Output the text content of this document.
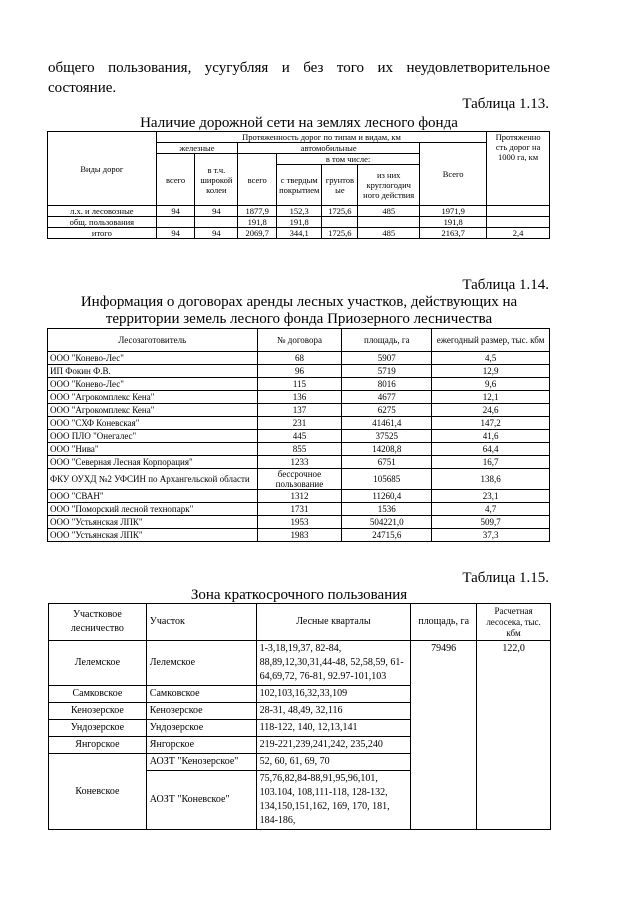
общего пользования, усугубляя и без того их неудовлетворительное
состояние.
Таблица 1.13.
Наличие дорожной сети на землях лесного фонда
Виды дорог	Протяженность дорог по типам и видам, км							Протяженно сть дорог на 1000 га, км
	железные		автомобильные				Всего	
	всего	в т.ч. широкой колеи	всего	в том числе:				
				с твердым покрытием	грунтов ые	из них круглогодич ного действия		
л.х. и лесовозные	94	94	1877,9	152,3	1725,6	485	1971,9	
общ. пользования			191,8	191,8			191,8	
итого	94	94	2069,7	344,1	1725,6	485	2163,7	2,4
Таблица 1.14.
Информация о договорах аренды лесных участков, действующих на
территории земель лесного фонда Приозерного лесничества
Лесозаготовитель	№ договора	площадь, га	ежегодный размер, тыс. кбм
ООО "Конево-Лес"	68	5907	4,5
ИП Фокин Ф.В.	96	5719	12,9
ООО "Конево-Лес"	115	8016	9,6
ООО "Агрокомплекс Кена"	136	4677	12,1
ООО "Агрокомплекс Кена"	137	6275	24,6
ООО "СХФ Коневская"	231	41461,4	147,2
ООО ПЛО "Онегалес"	445	37525	41,6
ООО "Нива"	855	14208,8	64,4
ООО "Северная Лесная Корпорация"	1233	6751	16,7
ФКУ ОУХД №2 УФСИН по Архангельской области	бессрочное пользование	105685	138,6
ООО "СВАН"	1312	11260,4	23,1
ООО "Поморский лесной технопарк"	1731	1536	4,7
ООО "Устьянская ЛПК"	1953	504221,0	509,7
ООО "Устьянская ЛПК"	1983	24715,6	37,3
Таблица 1.15.
Зона краткосрочного пользования
Участковое лесничество	Участок	Лесные кварталы	площадь, га	Расчетная лесосека, тыс. кбм
Лелемское	Лелемское	1-3,18,19,37, 82-84, 88,89,12,30,31,44-48, 52,58,59, 61-64,69,72, 76-81, 92.97-101,103	79496	122,0
Самковское	Самковское	102,103,16,32,33,109		
Кенозерское	Кенозерское	28-31, 48,49, 32,116		
Ундозерское	Ундозерское	118-122, 140, 12,13,141		
Янгорское	Янгорское	219-221,239,241,242, 235,240		
Коневское	АОЗТ "Кенозерское"	52, 60, 61, 69, 70		
	АОЗТ "Коневское"	75,76,82,84-88,91,95,96,101, 103.104, 108,111-118, 128-132, 134,150,151,162, 169, 170, 181, 184-186,		
